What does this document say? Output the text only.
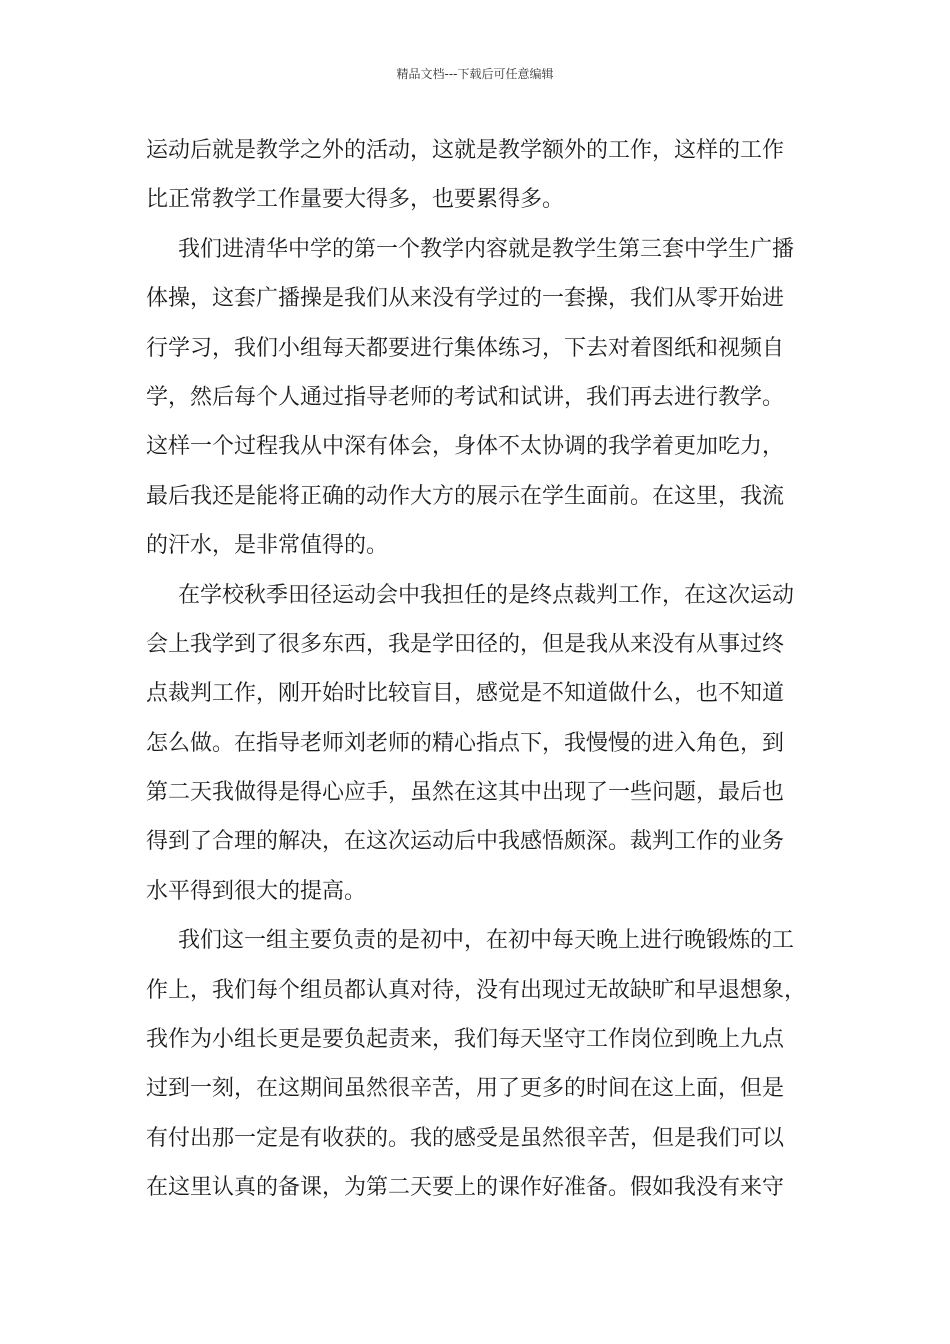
精品文档---下载后可任意编辑
运动后就是教学之外的活动，这就是教学额外的工作，这样的工作
比正常教学工作量要大得多，也要累得多。
我们进清华中学的第一个教学内容就是教学生第三套中学生广播
体操，这套广播操是我们从来没有学过的一套操，我们从零开始进
行学习，我们小组每天都要进行集体练习，下去对着图纸和视频自
学，然后每个人通过指导老师的考试和试讲，我们再去进行教学。
这样一个过程我从中深有体会，身体不太协调的我学着更加吃力，
最后我还是能将正确的动作大方的展示在学生面前。在这里，我流
的汗水，是非常值得的。
在学校秋季田径运动会中我担任的是终点裁判工作，在这次运动
会上我学到了很多东西，我是学田径的，但是我从来没有从事过终
点裁判工作，刚开始时比较盲目，感觉是不知道做什么，也不知道
怎么做。在指导老师刘老师的精心指点下，我慢慢的进入角色，到
第二天我做得是得心应手，虽然在这其中出现了一些问题，最后也
得到了合理的解决，在这次运动后中我感悟颇深。裁判工作的业务
水平得到很大的提高。
我们这一组主要负责的是初中，在初中每天晚上进行晚锻炼的工
作上，我们每个组员都认真对待，没有出现过无故缺旷和早退想象，
我作为小组长更是要负起责来，我们每天坚守工作岗位到晚上九点
过到一刻，在这期间虽然很辛苦，用了更多的时间在这上面，但是
有付出那一定是有收获的。我的感受是虽然很辛苦，但是我们可以
在这里认真的备课，为第二天要上的课作好准备。假如我没有来守
